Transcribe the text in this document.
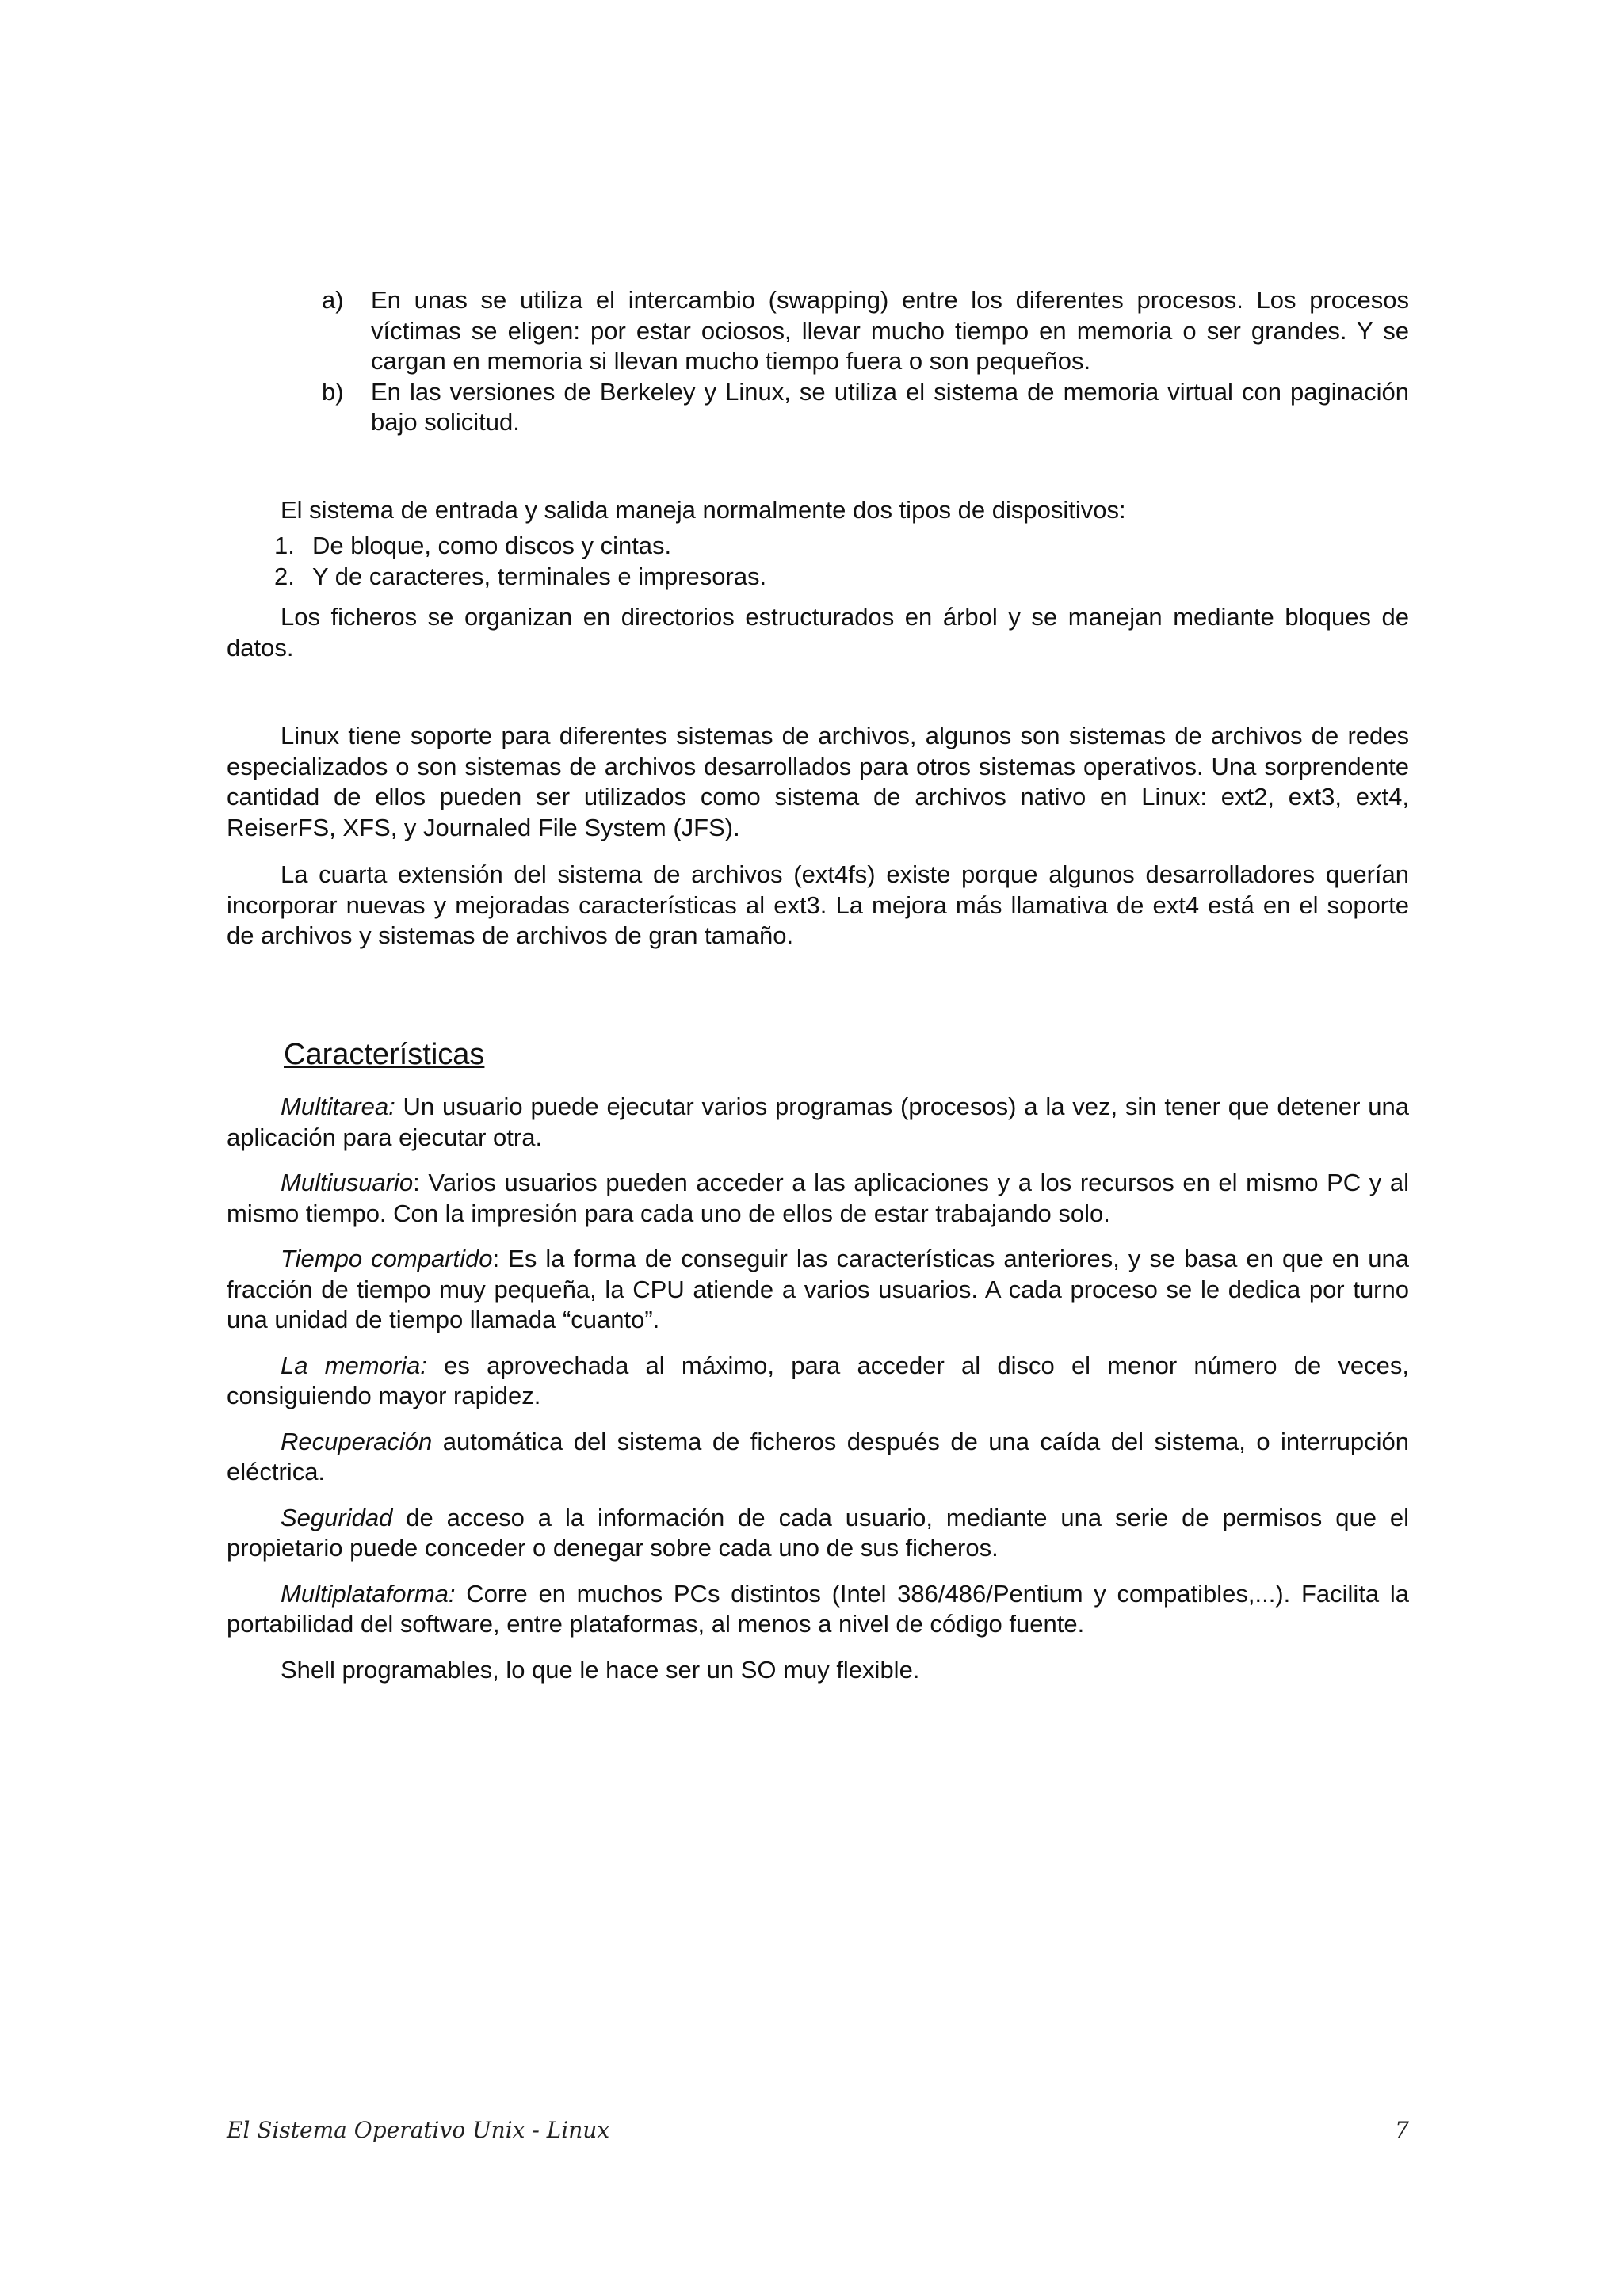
a) En unas se utiliza el intercambio (swapping) entre los diferentes procesos. Los procesos víctimas se eligen: por estar ociosos, llevar mucho tiempo en memoria o ser grandes. Y se cargan en memoria si llevan mucho tiempo fuera o son pequeños.
b) En las versiones de Berkeley y Linux, se utiliza el sistema de memoria virtual con paginación bajo solicitud.

El sistema de entrada y salida maneja normalmente dos tipos de dispositivos:

1. De bloque, como discos y cintas.
2. Y de caracteres, terminales e impresoras.

Los ficheros se organizan en directorios estructurados en árbol y se manejan mediante bloques de datos.

Linux tiene soporte para diferentes sistemas de archivos, algunos son sistemas de archivos de redes especializados o son sistemas de archivos desarrollados para otros sistemas operativos. Una sorprendente cantidad de ellos pueden ser utilizados como sistema de archivos nativo en Linux: ext2, ext3, ext4, ReiserFS, XFS, y Journaled File System (JFS).

La cuarta extensión del sistema de archivos (ext4fs) existe porque algunos desarrolladores querían incorporar nuevas y mejoradas características al ext3. La mejora más llamativa de ext4 está en el soporte de archivos y sistemas de archivos de gran tamaño.

Características

Multitarea: Un usuario puede ejecutar varios programas (procesos) a la vez, sin tener que detener una aplicación para ejecutar otra.

Multiusuario: Varios usuarios pueden acceder a las aplicaciones y a los recursos en el mismo PC y al mismo tiempo. Con la impresión para cada uno de ellos de estar trabajando solo.

Tiempo compartido: Es la forma de conseguir las características anteriores, y se basa en que en una fracción de tiempo muy pequeña, la CPU atiende a varios usuarios. A cada proceso se le dedica por turno una unidad de tiempo llamada “cuanto”.

La memoria: es aprovechada al máximo, para acceder al disco el menor número de veces, consiguiendo mayor rapidez.

Recuperación automática del sistema de ficheros después de una caída del sistema, o interrupción eléctrica.

Seguridad de acceso a la información de cada usuario, mediante una serie de permisos que el propietario puede conceder o denegar sobre cada uno de sus ficheros.

Multiplataforma: Corre en muchos PCs distintos (Intel 386/486/Pentium y compatibles,...). Facilita la portabilidad del software, entre plataformas, al menos a nivel de código fuente.

Shell programables, lo que le hace ser un SO muy flexible.

El Sistema Operativo Unix - Linux	7
